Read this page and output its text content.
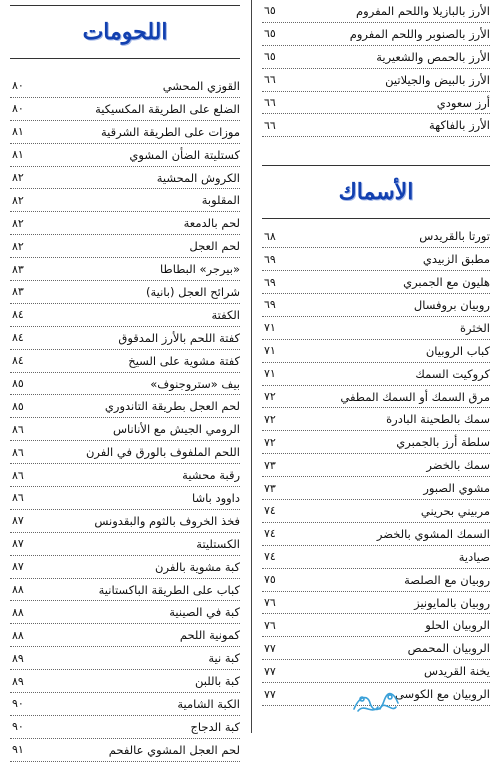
اللحومات
القوزي المحشي
٨٠
الضلع على الطريقة المكسيكية
٨٠
موزات على الطريقة الشرقية
٨١
كستليتة الضأن المشوي
٨١
الكروش المحشية
٨٢
المقلوبة
٨٢
لحم بالدمعة
٨٢
لحم العجل
٨٢
«بيرجر» البطاطا
٨٣
شرائح العجل (بانية)
٨٣
الكفتة
٨٤
كفتة اللحم بالأرز المدقوق
٨٤
كفتة مشوية على السيخ
٨٤
بيف «ستروجنوف»
٨٥
لحم العجل بطريقة التاندوري
٨٥
الرومي الجيش مع الأناناس
٨٦
اللحم الملفوف بالورق في الفرن
٨٦
رقبة محشية
٨٦
داوود باشا
٨٦
فخذ الخروف بالثوم والبقدونس
٨٧
الكستليتة
٨٧
كبة مشوية بالفرن
٨٧
كباب على الطريقة الباكستانية
٨٨
كبة في الصينية
٨٨
كمونية اللحم
٨٨
كبة نية
٨٩
كبة باللبن
٨٩
الكبة الشامية
٩٠
كبة الدجاج
٩٠
لحم العجل المشوي عالفحم
٩١
الأرز بالبازيلا واللحم المفروم
٦٥
الأرز بالصنوبر واللحم المفروم
٦٥
الأرز بالحمص والشعيرية
٦٥
الأرز بالبيض والجيلاتين
٦٦
أرز سعودي
٦٦
الأرز بالفاكهة
٦٦
الأسماك
تورتا بالقريدس
٦٨
مطبق الزبيدي
٦٩
هليون مع الجمبري
٦٩
روبيان بروفسال
٦٩
الخثرة
٧١
كباب الروبيان
٧١
كروكيت السمك
٧١
مرق السمك أو السمك المطفي
٧٢
سمك بالطحينة البادرة
٧٢
سلطة أرز بالجمبري
٧٢
سمك بالخضر
٧٣
مشوي الصبور
٧٣
مربيني بحريني
٧٤
السمك المشوي بالخضر
٧٤
صيادية
٧٤
روبيان مع الصلصة
٧٥
روبيان بالمايونيز
٧٦
الروبيان الحلو
٧٦
الروبيان المحمص
٧٧
يخنة القريدس
٧٧
الروبيان مع الكوسى
٧٧
